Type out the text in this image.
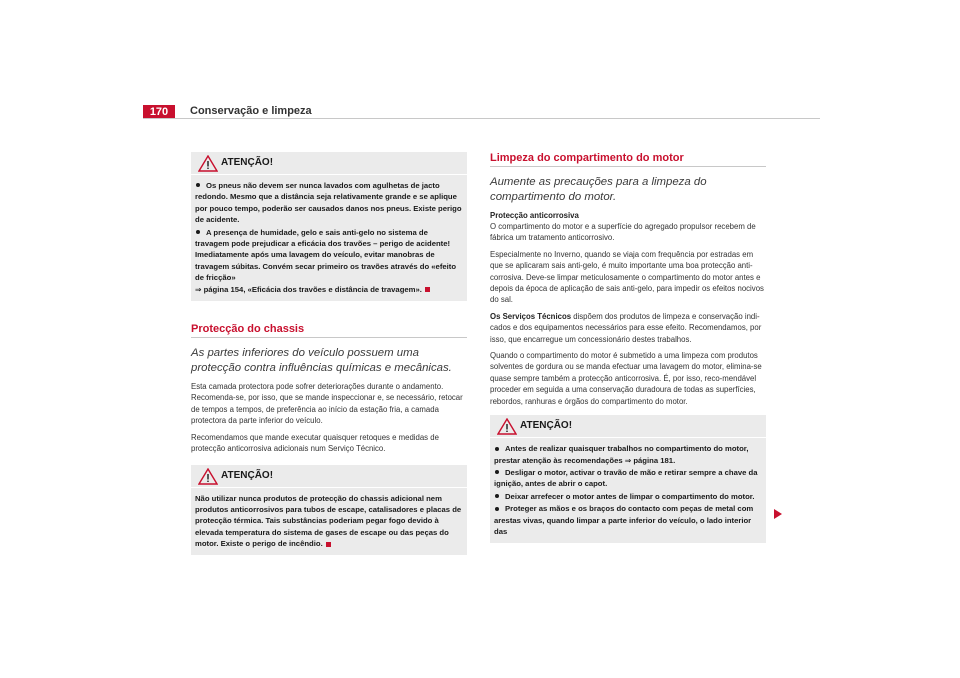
170	Conservação e limpeza
ATENÇÃO!
Os pneus não devem ser nunca lavados com agulhetas de jacto redondo. Mesmo que a distância seja relativamente grande e se aplique por pouco tempo, poderão ser causados danos nos pneus. Existe perigo de acidente.
A presença de humidade, gelo e sais anti-gelo no sistema de travagem pode prejudicar a eficácia dos travões – perigo de acidente! Imediatamente após uma lavagem do veículo, evitar manobras de travagem súbitas. Convém secar primeiro os travões através do «efeito de fricção»
⇒ página 154, «Eficácia dos travões e distância de travagem».
Protecção do chassis
As partes inferiores do veículo possuem uma protecção contra influências químicas e mecânicas.

Esta camada protectora pode sofrer deteriorações durante o andamento. Recomenda-se, por isso, que se mande inspeccionar e, se necessário, retocar de tempos a tempos, de preferência ao início da estação fria, a camada protectora da parte inferior do veículo.

Recomendamos que mande executar quaisquer retoques e medidas de protecção anticorrosiva adicionais num Serviço Técnico.

ATENÇÃO!
Não utilizar nunca produtos de protecção do chassis adicional nem produtos anticorrosivos para tubos de escape, catalisadores e placas de protecção térmica. Tais substâncias poderiam pegar fogo devido à elevada temperatura do sistema de gases de escape ou das peças do motor. Existe o perigo de incêndio.
Limpeza do compartimento do motor
Aumente as precauções para a limpeza do compartimento do motor.
Protecção anticorrosiva

O compartimento do motor e a superfície do agregado propulsor recebem de fábrica um tratamento anticorrosivo.

Especialmente no Inverno, quando se viaja com frequência por estradas em que se aplicaram sais anti-gelo, é muito importante uma boa protecção anti-corrosiva. Deve-se limpar meticulosamente o compartimento do motor antes e depois da época de aplicação de sais anti-gelo, para impedir os efeitos nocivos do sal.

Os Serviços Técnicos dispõem dos produtos de limpeza e conservação indi-cados e dos equipamentos necessários para esse efeito. Recomendamos, por isso, que encarregue um concessionário destes trabalhos.

Quando o compartimento do motor é submetido a uma limpeza com produtos solventes de gordura ou se manda efectuar uma lavagem do motor, elimina-se quase sempre também a protecção anticorrosiva. É, por isso, reco-mendável proceder em seguida a uma conservação duradoura de todas as superfícies, rebordos, ranhuras e órgãos do compartimento do motor.

ATENÇÃO!
Antes de realizar quaisquer trabalhos no compartimento do motor, prestar atenção às recomendações ⇒ página 181.
Desligar o motor, activar o travão de mão e retirar sempre a chave da ignição, antes de abrir o capot.
Deixar arrefecer o motor antes de limpar o compartimento do motor.
Proteger as mãos e os braços do contacto com peças de metal com arestas vivas, quando limpar a parte inferior do veículo, o lado interior das
